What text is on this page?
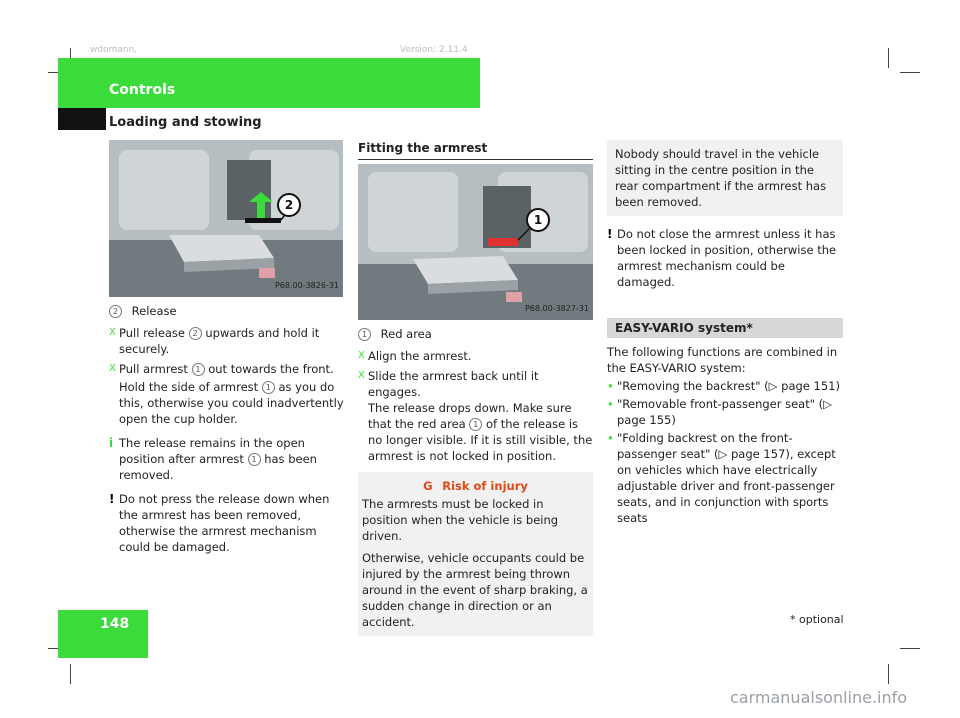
wdomann,	Version: 2.11.4
Controls
Loading and stowing
2
P68.00-3826-31

2 Release

X Pull release 2 upwards and hold it securely.
X Pull armrest 1 out towards the front.

Hold the side of armrest 1 as you do this, otherwise you could inadvertently open the cup holder.

i The release remains in the open position after armrest 1 has been removed.
! Do not press the release down when the armrest has been removed, otherwise the armrest mechanism could be damaged.
Fitting the armrest
1
P68.00-3827-31

1 Red area

X Align the armrest.
X Slide the armrest back until it engages.

The release drops down. Make sure that the red area 1 of the release is no longer visible. If it is still visible, the armrest is not locked in position.

G Risk of injury

The armrests must be locked in position when the vehicle is being driven.

Otherwise, vehicle occupants could be injured by the armrest being thrown around in the event of sharp braking, a sudden change in direction or an accident.

Nobody should travel in the vehicle sitting in the centre position in the rear compartment if the armrest has been removed.
! Do not close the armrest unless it has been locked in position, otherwise the armrest mechanism could be damaged.
EASY-VARIO system*

The following functions are combined in the EASY-VARIO system:

• "Removing the backrest" (▷ page 151)
• "Removable front-passenger seat" (▷ page 155)
• "Folding backrest on the front-passenger seat" (▷ page 157), except on vehicles which have electrically adjustable driver and front-passenger seats, and in conjunction with sports seats
148	* optional
carmanualsonline.info
